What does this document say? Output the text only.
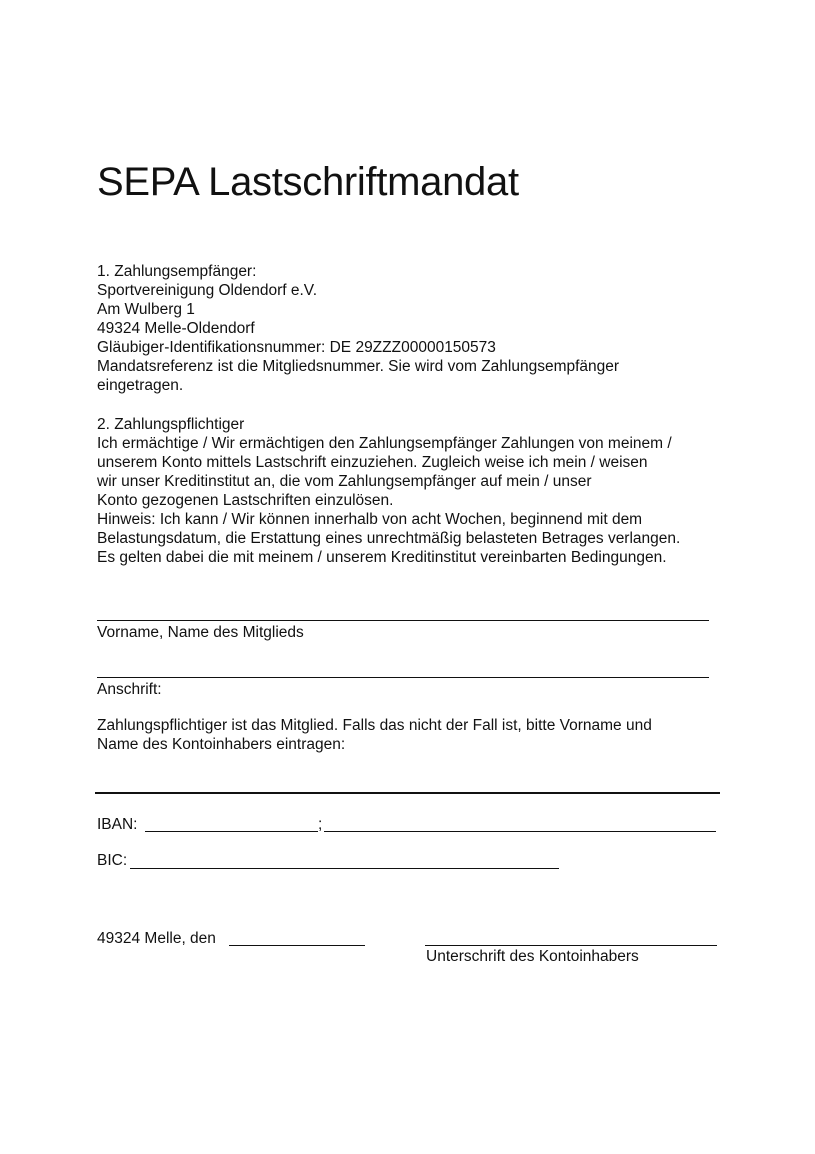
SEPA Lastschriftmandat
1. Zahlungsempfänger:
Sportvereinigung Oldendorf e.V.
Am Wulberg 1
49324 Melle-Oldendorf
Gläubiger-Identifikationsnummer: DE 29ZZZ00000150573
Mandatsreferenz ist die Mitgliedsnummer. Sie wird vom Zahlungsempfänger
eingetragen.
2. Zahlungspflichtiger
Ich ermächtige / Wir ermächtigen den Zahlungsempfänger Zahlungen von meinem /
unserem Konto mittels Lastschrift einzuziehen. Zugleich weise ich mein / weisen
wir unser Kreditinstitut an, die vom Zahlungsempfänger auf mein / unser
Konto gezogenen Lastschriften einzulösen.
Hinweis: Ich kann / Wir können innerhalb von acht Wochen, beginnend mit dem
Belastungsdatum, die Erstattung eines unrechtmäßig belasteten Betrages verlangen.
Es gelten dabei die mit meinem / unserem Kreditinstitut vereinbarten Bedingungen.
Vorname, Name des Mitglieds
Anschrift:
Zahlungspflichtiger ist das Mitglied. Falls das nicht der Fall ist, bitte Vorname und
Name des Kontoinhabers eintragen:
IBAN:	;
BIC:
49324 Melle, den
Unterschrift des Kontoinhabers
